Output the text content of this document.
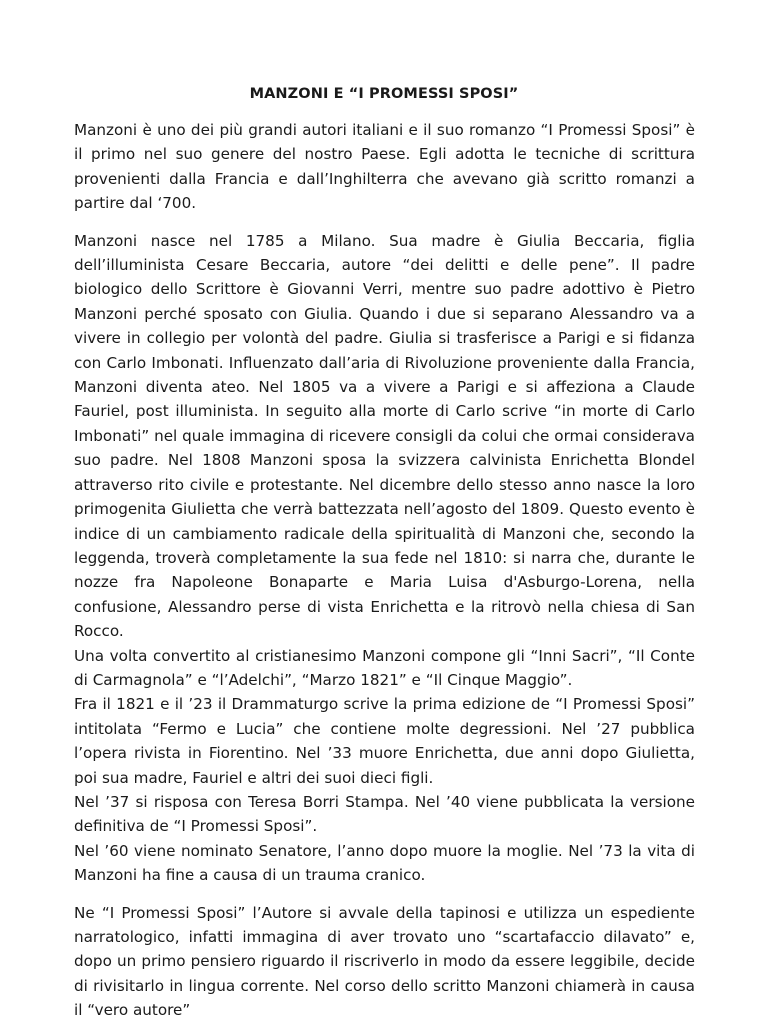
MANZONI E “I PROMESSI SPOSI”

Manzoni è uno dei più grandi autori italiani e il suo romanzo “I Promessi Sposi” è il primo nel suo genere del nostro Paese. Egli adotta le tecniche di scrittura provenienti dalla Francia e dall’Inghilterra che avevano già scritto romanzi a partire dal ‘700.

Manzoni nasce nel 1785 a Milano. Sua madre è Giulia Beccaria, figlia dell’illuminista Cesare Beccaria, autore “dei delitti e delle pene”. Il padre biologico dello Scrittore è Giovanni Verri, mentre suo padre adottivo è Pietro Manzoni perché sposato con Giulia. Quando i due si separano Alessandro va a vivere in collegio per volontà del padre. Giulia si trasferisce a Parigi e si fidanza con Carlo Imbonati. Influenzato dall’aria di Rivoluzione proveniente dalla Francia, Manzoni diventa ateo. Nel 1805 va a vivere a Parigi e si affeziona a Claude Fauriel, post illuminista. In seguito alla morte di Carlo scrive “in morte di Carlo Imbonati” nel quale immagina di ricevere consigli da colui che ormai considerava suo padre. Nel 1808 Manzoni sposa la svizzera calvinista Enrichetta Blondel attraverso rito civile e protestante. Nel dicembre dello stesso anno nasce la loro primogenita Giulietta che verrà battezzata nell’agosto del 1809. Questo evento è indice di un cambiamento radicale della spiritualità di Manzoni che, secondo la leggenda, troverà completamente la sua fede nel 1810: si narra che, durante le nozze fra Napoleone Bonaparte e Maria Luisa d'Asburgo-Lorena, nella confusione, Alessandro perse di vista Enrichetta e la ritrovò nella chiesa di San Rocco.

Una volta convertito al cristianesimo Manzoni compone gli “Inni Sacri”, “Il Conte di Carmagnola” e “l’Adelchi”, “Marzo 1821” e “Il Cinque Maggio”.

Fra il 1821 e il ’23 il Drammaturgo scrive la prima edizione de “I Promessi Sposi” intitolata “Fermo e Lucia” che contiene molte degressioni. Nel ’27 pubblica l’opera rivista in Fiorentino. Nel ’33 muore Enrichetta, due anni dopo Giulietta, poi sua madre, Fauriel e altri dei suoi dieci figli.

Nel ’37 si risposa con Teresa Borri Stampa. Nel ’40 viene pubblicata la versione definitiva de “I Promessi Sposi”.

Nel ’60 viene nominato Senatore, l’anno dopo muore la moglie. Nel ’73 la vita di Manzoni ha fine a causa di un trauma cranico.

Ne “I Promessi Sposi” l’Autore si avvale della tapinosi e utilizza un espediente narratologico, infatti immagina di aver trovato uno “scartafaccio dilavato” e, dopo un primo pensiero riguardo il riscriverlo in modo da essere leggibile, decide di rivisitarlo in lingua corrente. Nel corso dello scritto Manzoni chiamerà in causa il “vero autore”
